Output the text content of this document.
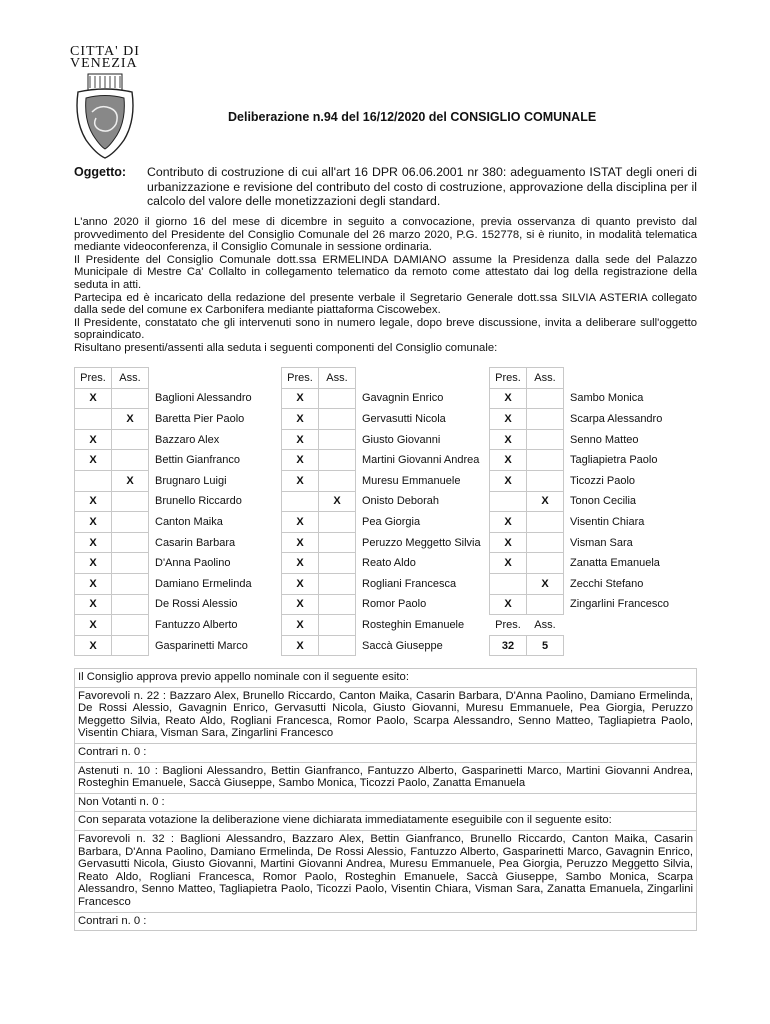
CITTA' DI
VENEZIA
Deliberazione n.94 del 16/12/2020 del CONSIGLIO COMUNALE
Oggetto: Contributo di costruzione di cui all'art 16 DPR 06.06.2001 nr 380: adeguamento ISTAT degli oneri di urbanizzazione e revisione del contributo del costo di costruzione, approvazione della disciplina per il calcolo del valore delle monetizzazioni degli standard.

L'anno 2020 il giorno 16 del mese di dicembre in seguito a convocazione, previa osservanza di quanto previsto dal provvedimento del Presidente del Consiglio Comunale del 26 marzo 2020, P.G. 152778, si è riunito, in modalità telematica mediante videoconferenza, il Consiglio Comunale in sessione ordinaria.

Il Presidente del Consiglio Comunale dott.ssa ERMELINDA DAMIANO assume la Presidenza dalla sede del Palazzo Municipale di Mestre Ca' Collalto in collegamento telematico da remoto come attestato dai log della registrazione della seduta in atti.

Partecipa ed è incaricato della redazione del presente verbale il Segretario Generale dott.ssa SILVIA ASTERIA collegato dalla sede del comune ex Carbonifera mediante piattaforma Ciscowebex.

Il Presidente, constatato che gli intervenuti sono in numero legale, dopo breve discussione, invita a deliberare sull'oggetto sopraindicato.

Risultano presenti/assenti alla seduta i seguenti componenti del Consiglio comunale:

Pres.	Ass.	
X		Baglioni Alessandro
	X	Baretta Pier Paolo
X		Bazzaro Alex
X		Bettin Gianfranco
	X	Brugnaro Luigi
X		Brunello Riccardo
X		Canton Maika
X		Casarin Barbara
X		D'Anna Paolino
X		Damiano Ermelinda
X		De Rossi Alessio
X		Fantuzzo Alberto
X		Gasparinetti Marco
Pres.	Ass.	
X		Gavagnin Enrico
X		Gervasutti Nicola
X		Giusto Giovanni
X		Martini Giovanni Andrea
X		Muresu Emmanuele
	X	Onisto Deborah
X		Pea Giorgia
X		Peruzzo Meggetto Silvia
X		Reato Aldo
X		Rogliani Francesca
X		Romor Paolo
X		Rosteghin Emanuele
X		Saccà Giuseppe
Pres.	Ass.	
X		Sambo Monica
X		Scarpa Alessandro
X		Senno Matteo
X		Tagliapietra Paolo
X		Ticozzi Paolo
	X	Tonon Cecilia
X		Visentin Chiara
X		Visman Sara
X		Zanatta Emanuela
	X	Zecchi Stefano
X		Zingarlini Francesco
Pres.	Ass.	
32	5	
Il Consiglio approva previo appello nominale con il seguente esito:
Favorevoli n. 22 : Bazzaro Alex, Brunello Riccardo, Canton Maika, Casarin Barbara, D'Anna Paolino, Damiano Ermelinda, De Rossi Alessio, Gavagnin Enrico, Gervasutti Nicola, Giusto Giovanni, Muresu Emmanuele, Pea Giorgia, Peruzzo Meggetto Silvia, Reato Aldo, Rogliani Francesca, Romor Paolo, Scarpa Alessandro, Senno Matteo, Tagliapietra Paolo, Visentin Chiara, Visman Sara, Zingarlini Francesco
Contrari n. 0 :
Astenuti n. 10 : Baglioni Alessandro, Bettin Gianfranco, Fantuzzo Alberto, Gasparinetti Marco, Martini Giovanni Andrea, Rosteghin Emanuele, Saccà Giuseppe, Sambo Monica, Ticozzi Paolo, Zanatta Emanuela
Non Votanti n. 0 :
Con separata votazione la deliberazione viene dichiarata immediatamente eseguibile con il seguente esito:
Favorevoli n. 32 : Baglioni Alessandro, Bazzaro Alex, Bettin Gianfranco, Brunello Riccardo, Canton Maika, Casarin Barbara, D'Anna Paolino, Damiano Ermelinda, De Rossi Alessio, Fantuzzo Alberto, Gasparinetti Marco, Gavagnin Enrico, Gervasutti Nicola, Giusto Giovanni, Martini Giovanni Andrea, Muresu Emmanuele, Pea Giorgia, Peruzzo Meggetto Silvia, Reato Aldo, Rogliani Francesca, Romor Paolo, Rosteghin Emanuele, Saccà Giuseppe, Sambo Monica, Scarpa Alessandro, Senno Matteo, Tagliapietra Paolo, Ticozzi Paolo, Visentin Chiara, Visman Sara, Zanatta Emanuela, Zingarlini Francesco
Contrari n. 0 :
